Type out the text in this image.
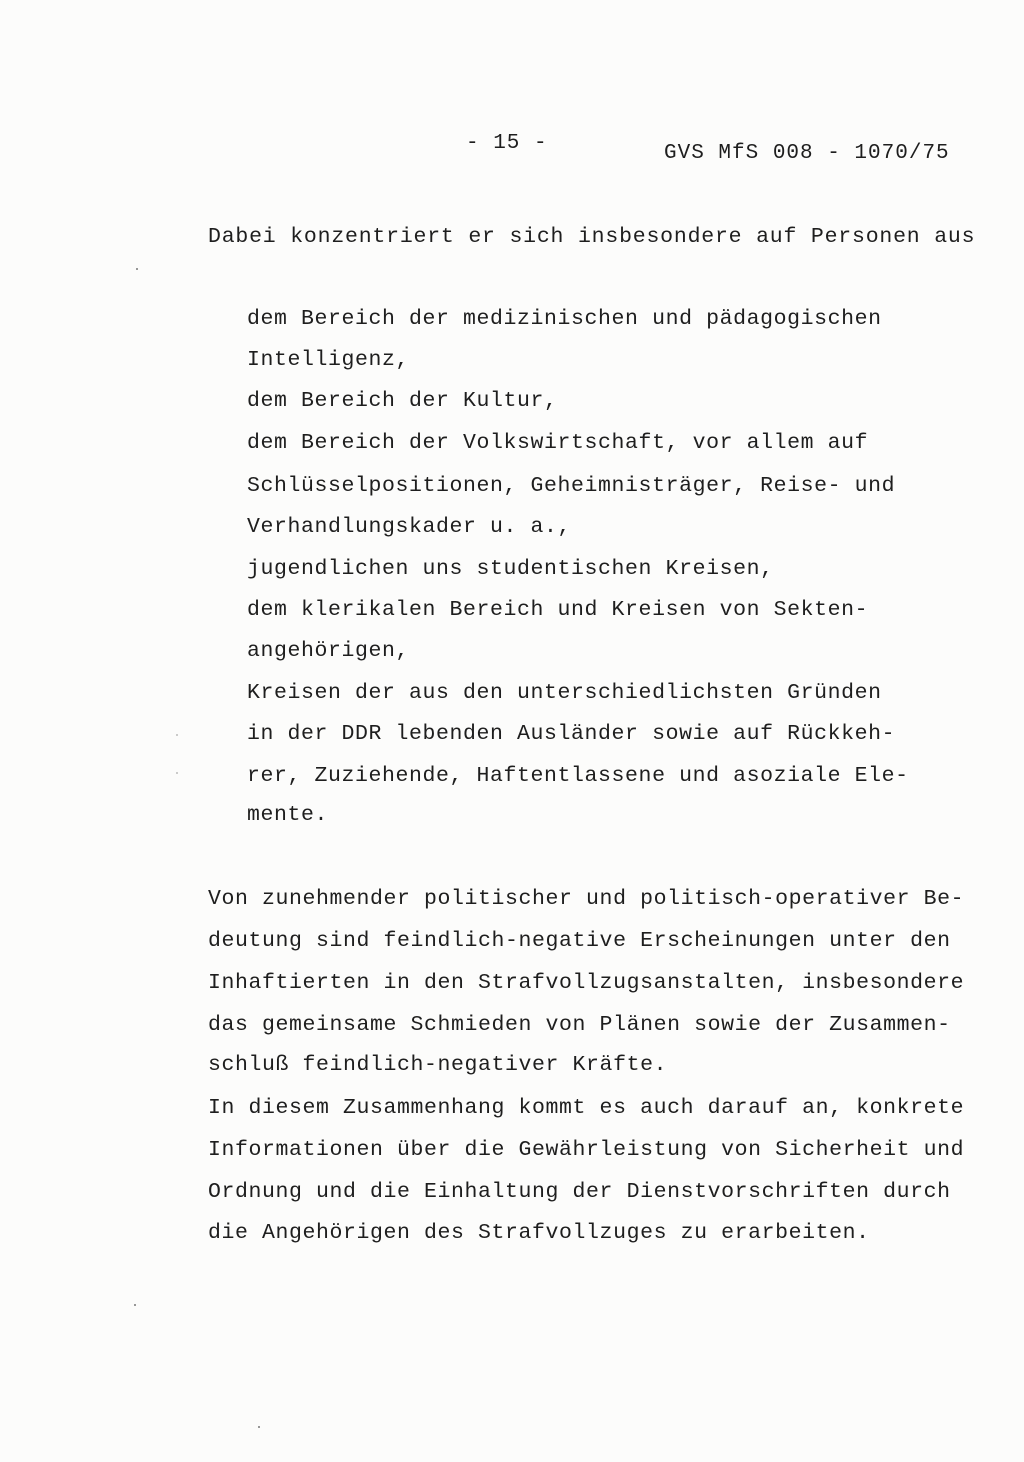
- 15 -	GVS MfS 008 - 1070/75
Dabei konzentriert er sich insbesondere auf Personen aus
dem Bereich der medizinischen und pädagogischen
Intelligenz,
dem Bereich der Kultur,
dem Bereich der Volkswirtschaft, vor allem auf
Schlüsselpositionen, Geheimnisträger, Reise- und
Verhandlungskader u. a.,
jugendlichen uns studentischen Kreisen,
dem klerikalen Bereich und Kreisen von Sekten-
angehörigen,
Kreisen der aus den unterschiedlichsten Gründen
in der DDR lebenden Ausländer sowie auf Rückkeh-
rer, Zuziehende, Haftentlassene und asoziale Ele-
mente.
Von zunehmender politischer und politisch-operativer Be-
deutung sind feindlich-negative Erscheinungen unter den
Inhaftierten in den Strafvollzugsanstalten, insbesondere
das gemeinsame Schmieden von Plänen sowie der Zusammen-
schluß feindlich-negativer Kräfte.
In diesem Zusammenhang kommt es auch darauf an, konkrete
Informationen über die Gewährleistung von Sicherheit und
Ordnung und die Einhaltung der Dienstvorschriften durch
die Angehörigen des Strafvollzuges zu erarbeiten.
